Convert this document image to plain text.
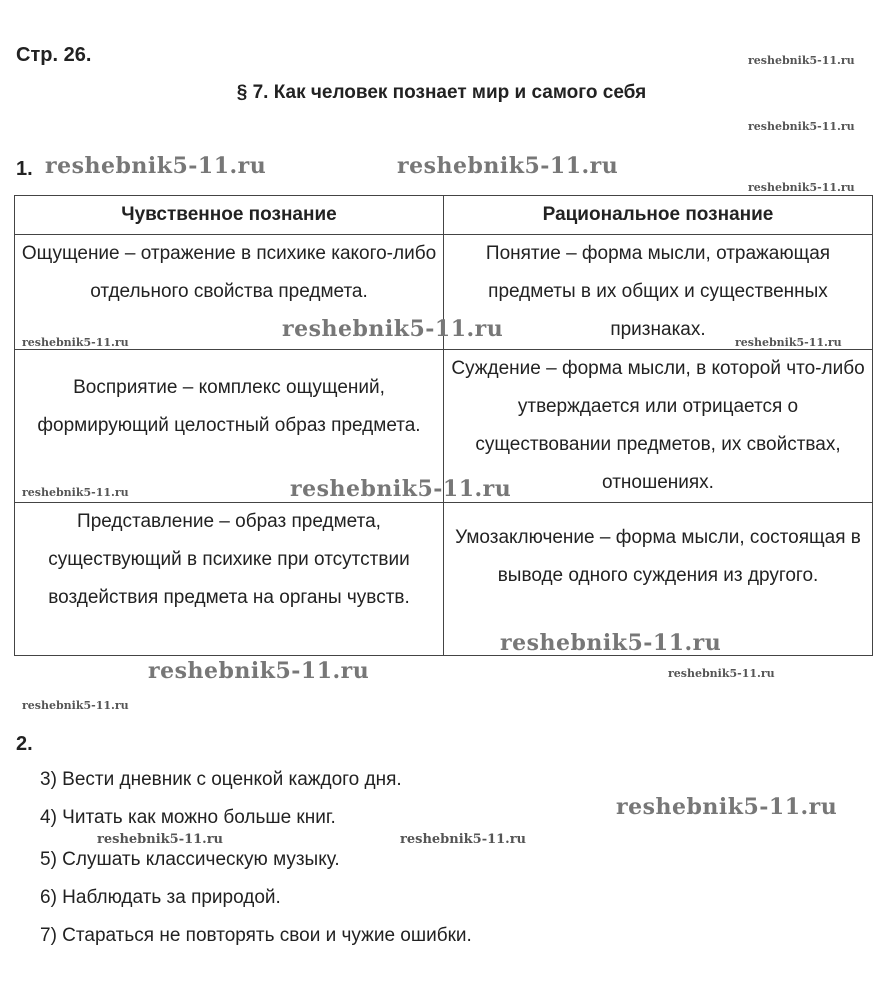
Стр. 26.
§ 7. Как человек познает мир и самого себя
1.
Чувственное познание	Рациональное познание
Ощущение – отражение в психике какого-либо отдельного свойства предмета.	Понятие – форма мысли, отражающая предметы в их общих и существенных признаках.
Восприятие – комплекс ощущений, формирующий целостный образ предмета.	Суждение – форма мысли, в которой что-либо утверждается или отрицается о существовании предметов, их свойствах, отношениях.
Представление – образ предмета, существующий в психике при отсутствии воздействия предмета на органы чувств.	Умозаключение – форма мысли, состоящая в выводе одного суждения из другого.
2.
3) Вести дневник с оценкой каждого дня.
4) Читать как можно больше книг.
5) Слушать классическую музыку.
6) Наблюдать за природой.
7) Стараться не повторять свои и чужие ошибки.
reshebnik5-11.ru
reshebnik5-11.ru
reshebnik5-11.ru
reshebnik5-11.ru	reshebnik5-11.ru
reshebnik5-11.ru
reshebnik5-11.ru
reshebnik5-11.ru
reshebnik5-11.ru	reshebnik5-11.ru
reshebnik5-11.ru	reshebnik5-11.ru
reshebnik5-11.ru
reshebnik5-11.ru
reshebnik5-11.ru
reshebnik5-11.ru
reshebnik5-11.ru
